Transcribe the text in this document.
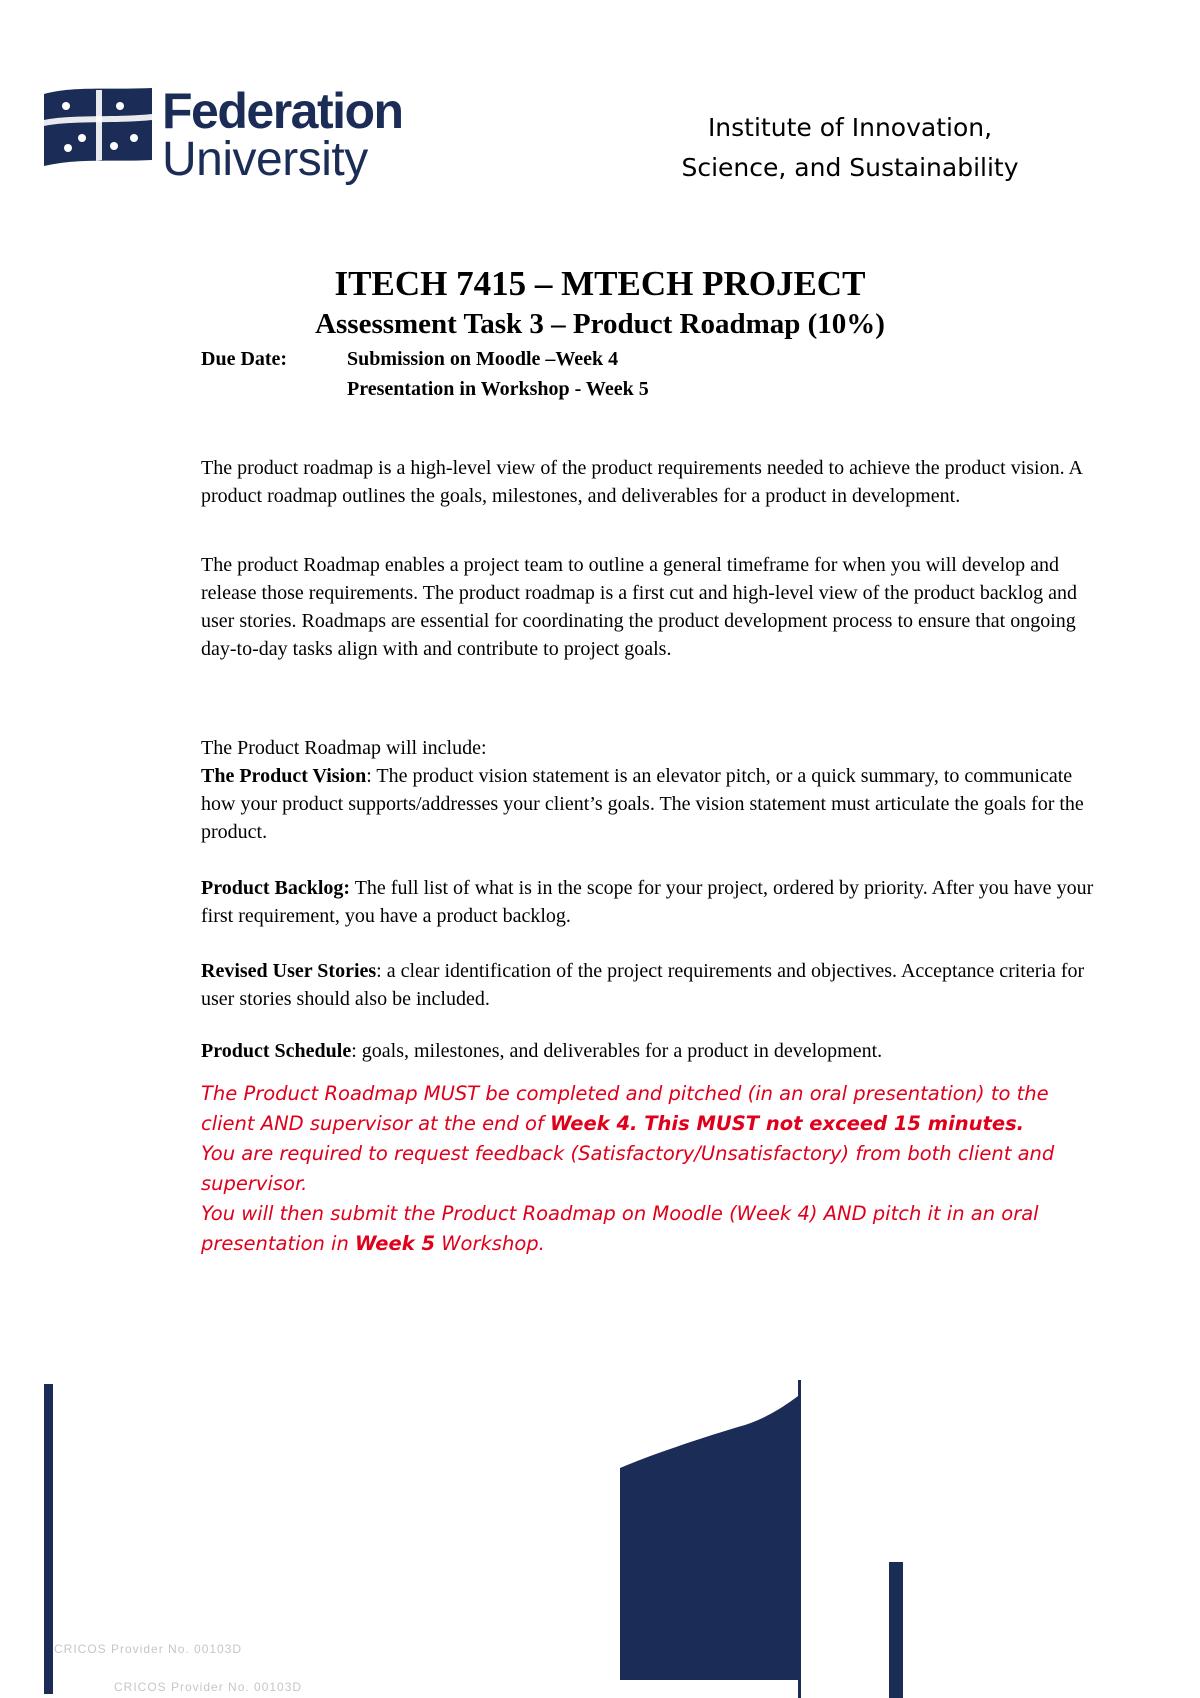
Federation
University
Institute of Innovation,
Science, and Sustainability
ITECH 7415 – MTECH PROJECT
Assessment Task 3 – Product Roadmap (10%)
Due Date:	Submission on Moodle –Week 4
Presentation in Workshop - Week 5

The product roadmap is a high-level view of the product requirements needed to achieve the product vision. A product roadmap outlines the goals, milestones, and deliverables for a product in development.

The product Roadmap enables a project team to outline a general timeframe for when you will develop and release those requirements. The product roadmap is a first cut and high-level view of the product backlog and user stories. Roadmaps are essential for coordinating the product development process to ensure that ongoing day-to-day tasks align with and contribute to project goals.

The Product Roadmap will include:

The Product Vision: The product vision statement is an elevator pitch, or a quick summary, to communicate how your product supports/addresses your client’s goals. The vision statement must articulate the goals for the product.

Product Backlog: The full list of what is in the scope for your project, ordered by priority. After you have your first requirement, you have a product backlog.

Revised User Stories: a clear identification of the project requirements and objectives. Acceptance criteria for user stories should also be included.

Product Schedule: goals, milestones, and deliverables for a product in development.

The Product Roadmap MUST be completed and pitched (in an oral presentation) to the client AND supervisor at the end of Week 4. This MUST not exceed 15 minutes.

You are required to request feedback (Satisfactory/Unsatisfactory) from both client and supervisor.

You will then submit the Product Roadmap on Moodle (Week 4) AND pitch it in an oral presentation in Week 5 Workshop.

CRICOS Provider No. 00103D
CRICOS Provider No. 00103D
